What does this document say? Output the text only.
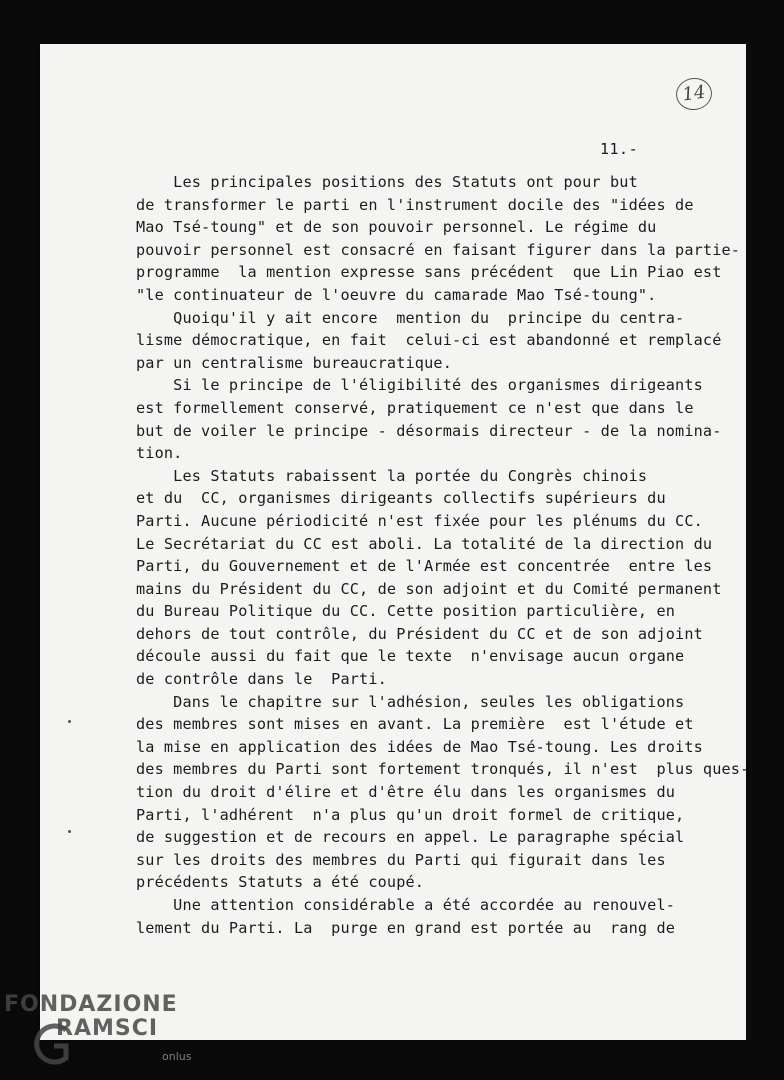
14
11.-
Les principales positions des Statuts ont pour but
de transformer le parti en l'instrument docile des "idées de
Mao Tsé-toung" et de son pouvoir personnel. Le régime du
pouvoir personnel est consacré en faisant figurer dans la partie-
programme  la mention expresse sans précédent  que Lin Piao est
"le continuateur de l'oeuvre du camarade Mao Tsé-toung".
Quoiqu'il y ait encore  mention du  principe du centra-
lisme démocratique, en fait  celui-ci est abandonné et remplacé
par un centralisme bureaucratique.
Si le principe de l'éligibilité des organismes dirigeants
est formellement conservé, pratiquement ce n'est que dans le
but de voiler le principe - désormais directeur - de la nomina-
tion.
Les Statuts rabaissent la portée du Congrès chinois
et du  CC, organismes dirigeants collectifs supérieurs du
Parti. Aucune périodicité n'est fixée pour les plénums du CC.
Le Secrétariat du CC est aboli. La totalité de la direction du
Parti, du Gouvernement et de l'Armée est concentrée  entre les
mains du Président du CC, de son adjoint et du Comité permanent
du Bureau Politique du CC. Cette position particulière, en
dehors de tout contrôle, du Président du CC et de son adjoint
découle aussi du fait que le texte  n'envisage aucun organe
de contrôle dans le  Parti.
Dans le chapitre sur l'adhésion, seules les obligations
des membres sont mises en avant. La première  est l'étude et
la mise en application des idées de Mao Tsé-toung. Les droits
des membres du Parti sont fortement tronqués, il n'est  plus ques-
tion du droit d'élire et d'être élu dans les organismes du
Parti, l'adhérent  n'a plus qu'un droit formel de critique,
de suggestion et de recours en appel. Le paragraphe spécial
sur les droits des membres du Parti qui figurait dans les
précédents Statuts a été coupé.
Une attention considérable a été accordée au renouvel-
lement du Parti. La  purge en grand est portée au  rang de
FONDAZIONE
RAMSCI
onlus
